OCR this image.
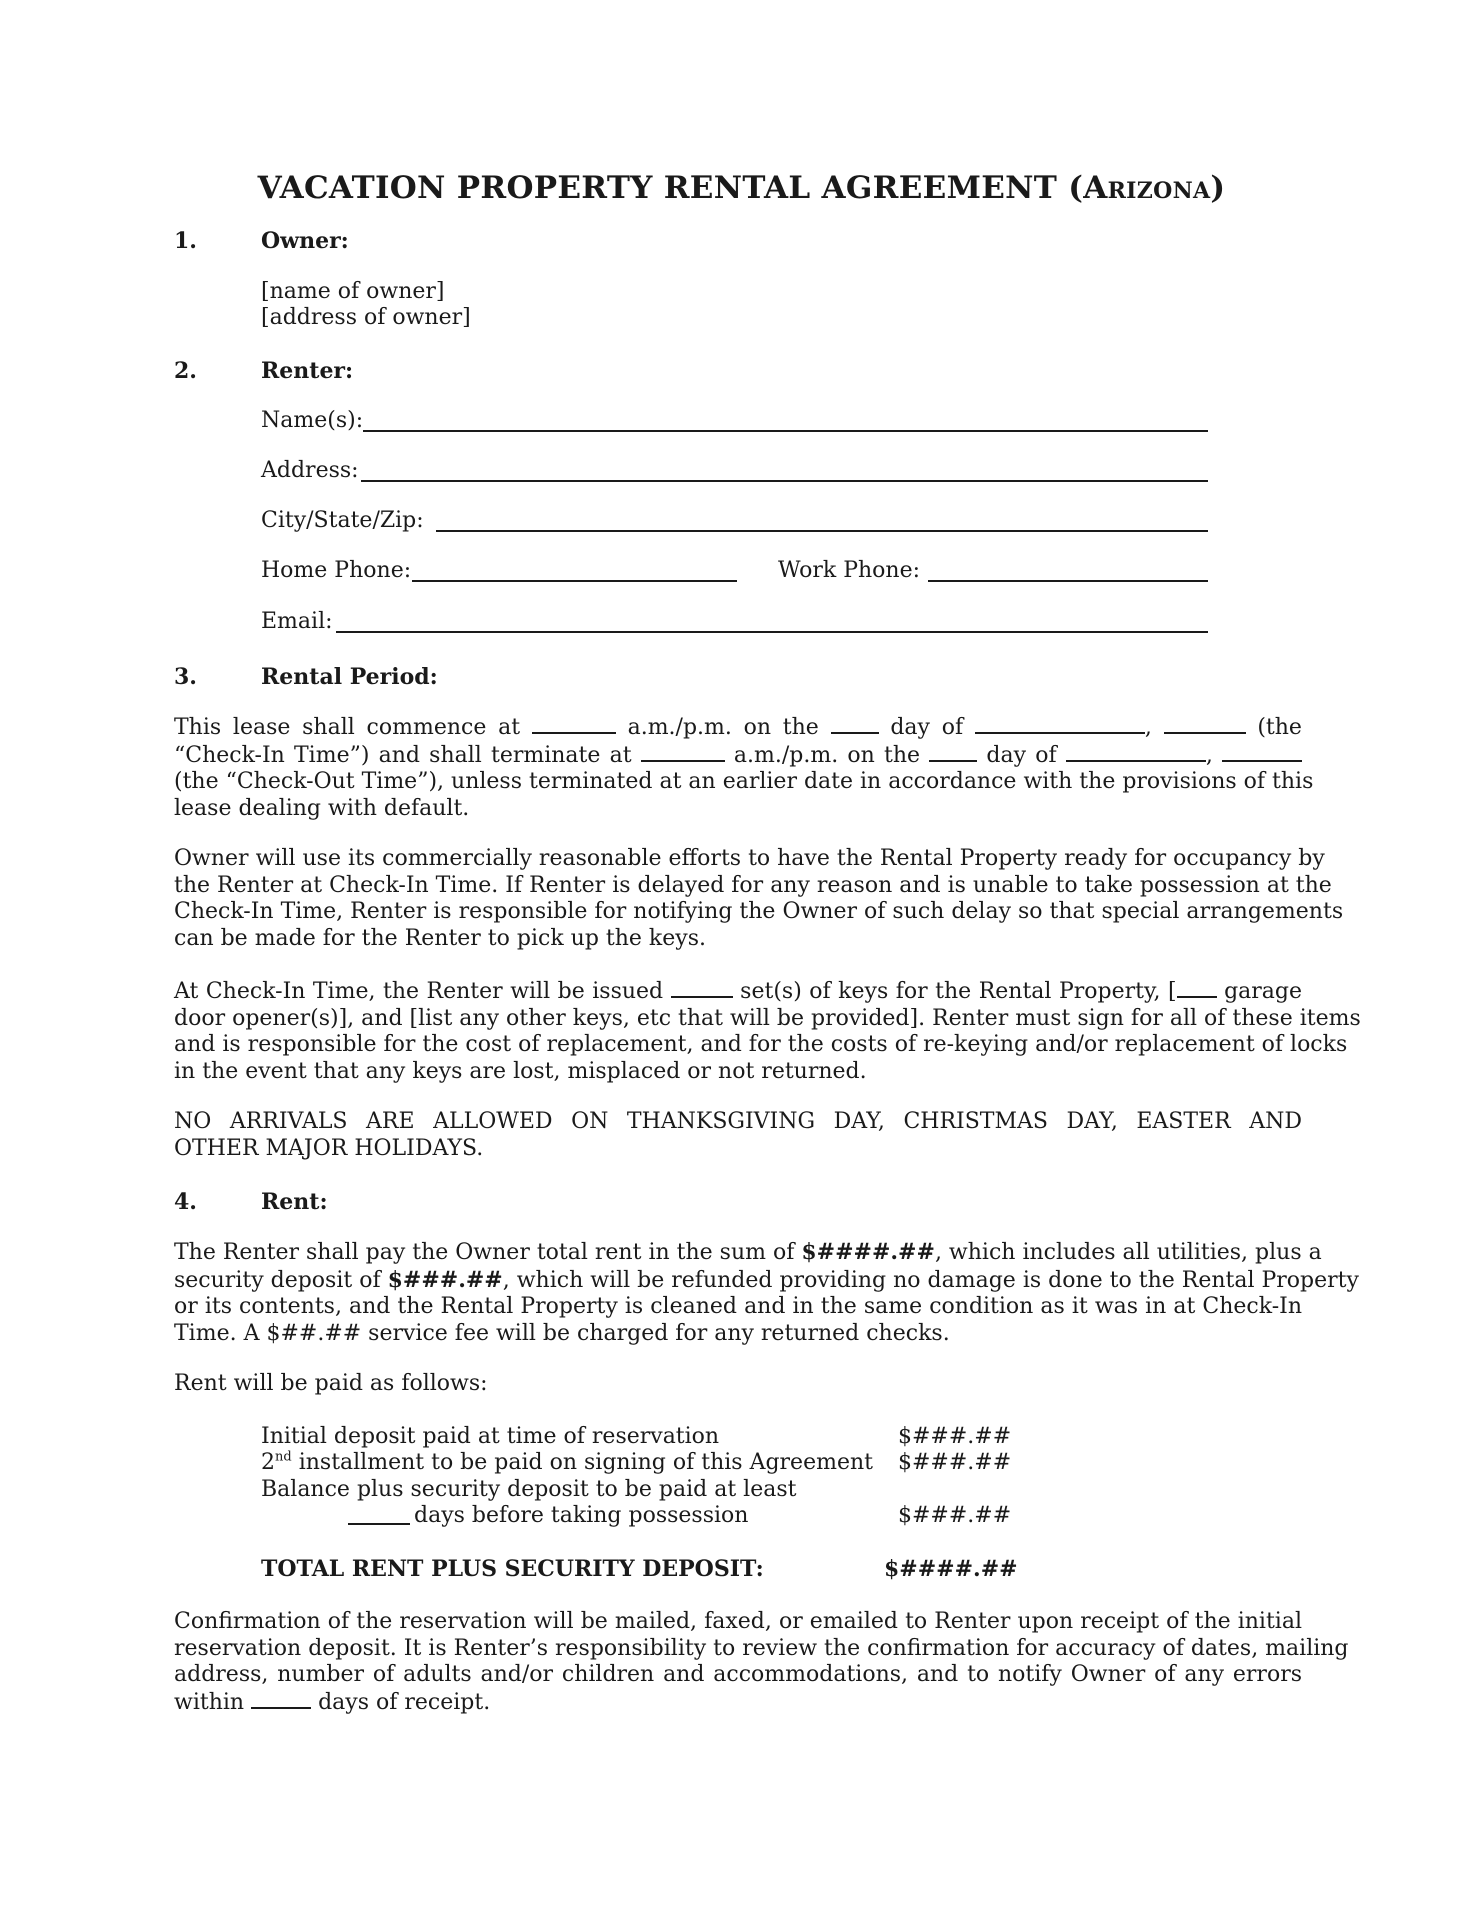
VACATION PROPERTY RENTAL AGREEMENT (Arizona)
1.	Owner:
[name of owner]
[address of owner]
2.	Renter:
Name(s):
Address:
City/State/Zip:
Home Phone:	Work Phone:
Email:
3.	Rental Period:
This lease shall commence at	a.m./p.m. on the	day of	,	(the
“Check-In Time”) and shall terminate at	a.m./p.m. on the	day of	,
(the “Check-Out Time”), unless terminated at an earlier date in accordance with the provisions of this
lease dealing with default.
Owner will use its commercially reasonable efforts to have the Rental Property ready for occupancy by
the Renter at Check-In Time. If Renter is delayed for any reason and is unable to take possession at the
Check-In Time, Renter is responsible for notifying the Owner of such delay so that special arrangements
can be made for the Renter to pick up the keys.
At Check-In Time, the Renter will be issued	set(s) of keys for the Rental Property, [ garage
door opener(s)], and [list any other keys, etc that will be provided]. Renter must sign for all of these items
and is responsible for the cost of replacement, and for the costs of re-keying and/or replacement of locks
in the event that any keys are lost, misplaced or not returned.
NO ARRIVALS ARE ALLOWED ON THANKSGIVING DAY, CHRISTMAS DAY, EASTER AND
OTHER MAJOR HOLIDAYS.
4.	Rent:
The Renter shall pay the Owner total rent in the sum of $####.##, which includes all utilities, plus a
security deposit of $###.##, which will be refunded providing no damage is done to the Rental Property
or its contents, and the Rental Property is cleaned and in the same condition as it was in at Check-In
Time. A $##.## service fee will be charged for any returned checks.
Rent will be paid as follows:
Initial deposit paid at time of reservation	$###.##
2nd installment to be paid on signing of this Agreement $###.##
Balance plus security deposit to be paid at least
days before taking possession	$###.##
TOTAL RENT PLUS SECURITY DEPOSIT:	$####.##
Confirmation of the reservation will be mailed, faxed, or emailed to Renter upon receipt of the initial
reservation deposit. It is Renter’s responsibility to review the confirmation for accuracy of dates, mailing
address, number of adults and/or children and accommodations, and to notify Owner of any errors
within	days of receipt.
